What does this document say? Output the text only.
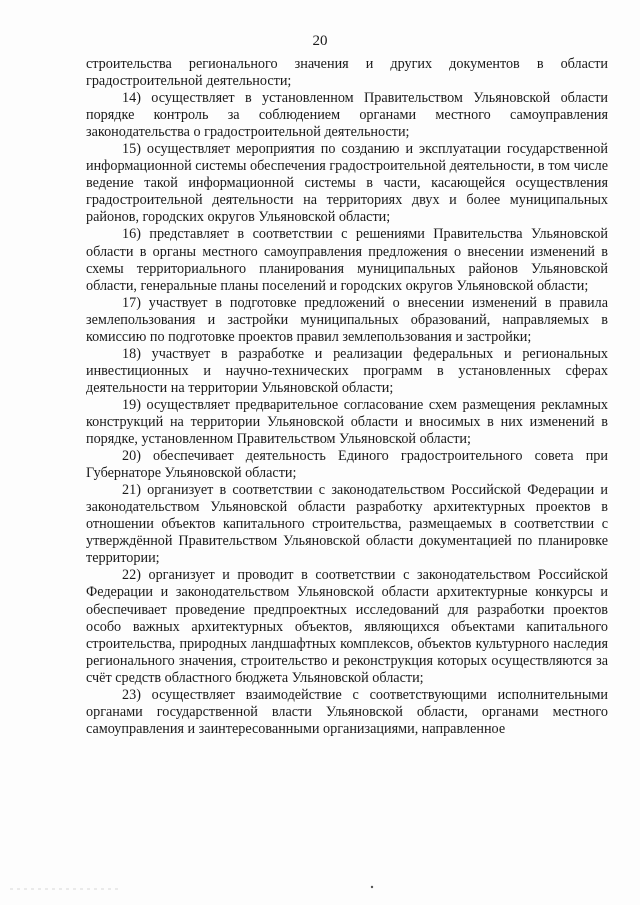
20

строительства регионального значения и других документов в области градостроительной деятельности;

14) осуществляет в установленном Правительством Ульяновской области порядке контроль за соблюдением органами местного самоуправления законодательства о градостроительной деятельности;

15) осуществляет мероприятия по созданию и эксплуатации государственной информационной системы обеспечения градостроительной деятельности, в том числе ведение такой информационной системы в части, касающейся осуществления градостроительной деятельности на территориях двух и более муниципальных районов, городских округов Ульяновской области;

16) представляет в соответствии с решениями Правительства Ульяновской области в органы местного самоуправления предложения о внесении изменений в схемы территориального планирования муниципальных районов Ульяновской области, генеральные планы поселений и городских округов Ульяновской области;

17) участвует в подготовке предложений о внесении изменений в правила землепользования и застройки муниципальных образований, направляемых в комиссию по подготовке проектов правил землепользования и застройки;

18) участвует в разработке и реализации федеральных и региональных инвестиционных и научно-технических программ в установленных сферах деятельности на территории Ульяновской области;

19) осуществляет предварительное согласование схем размещения рекламных конструкций на территории Ульяновской области и вносимых в них изменений в порядке, установленном Правительством Ульяновской области;

20) обеспечивает деятельность Единого градостроительного совета при Губернаторе Ульяновской области;

21) организует в соответствии с законодательством Российской Федерации и законодательством Ульяновской области разработку архитектурных проектов в отношении объектов капитального строительства, размещаемых в соответствии с утверждённой Правительством Ульяновской области документацией по планировке территории;

22) организует и проводит в соответствии с законодательством Российской Федерации и законодательством Ульяновской области архитектурные конкурсы и обеспечивает проведение предпроектных исследований для разработки проектов особо важных архитектурных объектов, являющихся объектами капитального строительства, природных ландшафтных комплексов, объектов культурного наследия регионального значения, строительство и реконструкция которых осуществляются за счёт средств областного бюджета Ульяновской области;

23) осуществляет взаимодействие с соответствующими исполнительными органами государственной власти Ульяновской области, органами местного самоуправления и заинтересованными организациями, направленное
